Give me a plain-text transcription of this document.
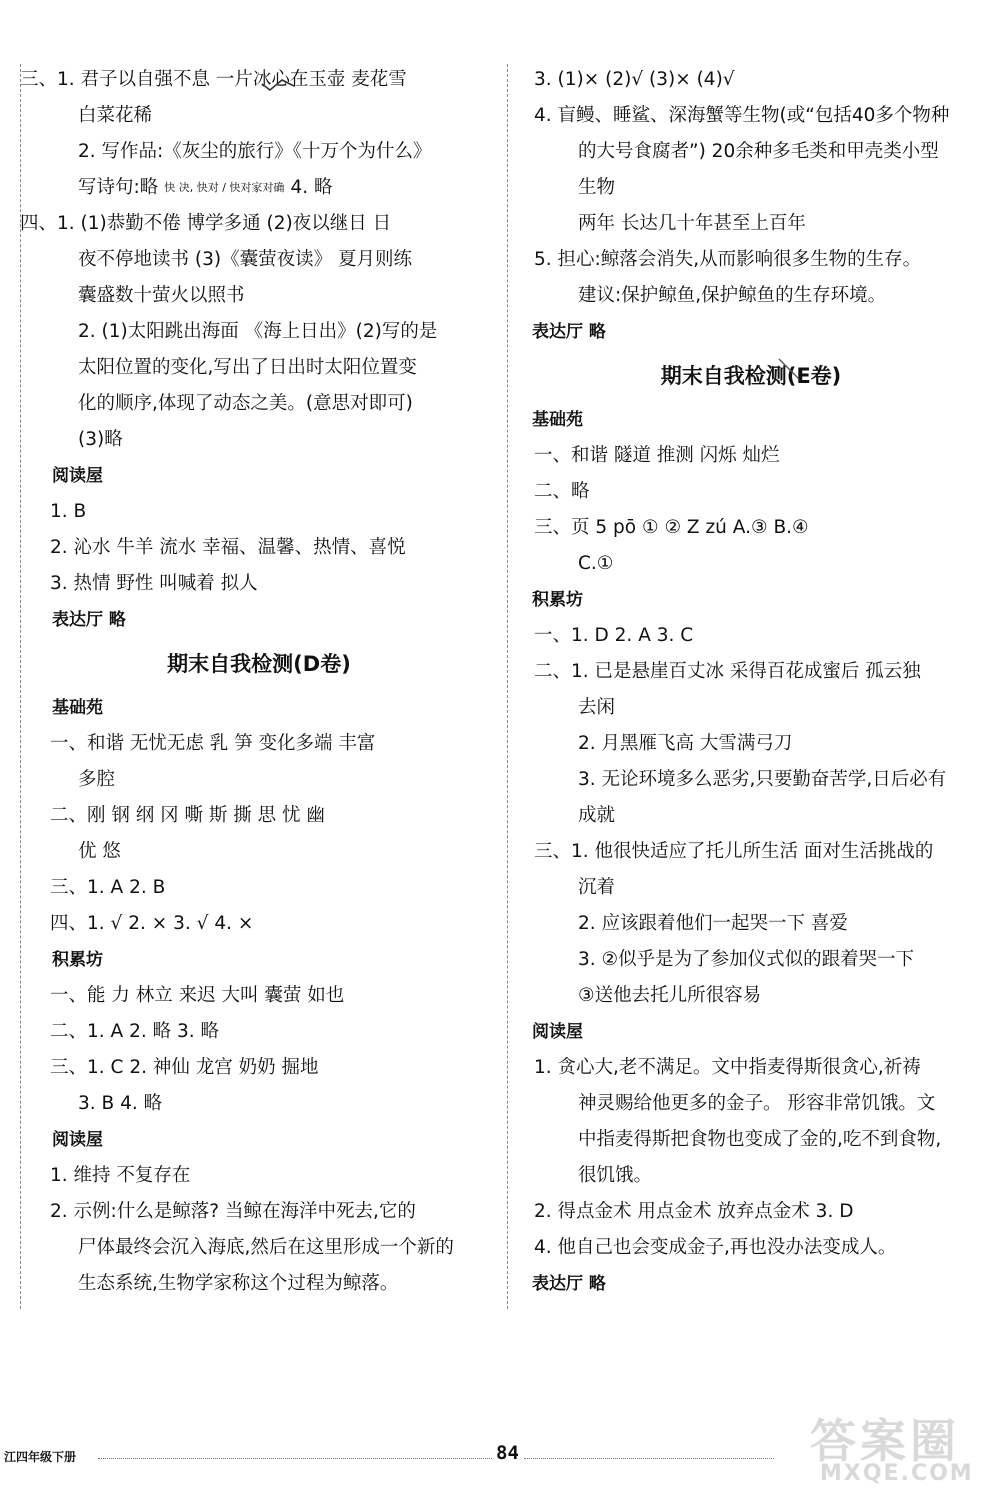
三、1. 君子以自强不息 一片冰心在玉壶 麦花雪
白菜花稀
2. 写作品:《灰尘的旅行》《十万个为什么》
写诗句:略 快 决, 快对 / 快对家对确 4. 略
四、1. (1)恭勤不倦 博学多通 (2)夜以继日 日
夜不停地读书 (3)《囊萤夜读》 夏月则练
囊盛数十萤火以照书
2. (1)太阳跳出海面 《海上日出》(2)写的是
太阳位置的变化,写出了日出时太阳位置变
化的顺序,体现了动态之美。(意思对即可)
(3)略
阅读屋
1. B
2. 沁水 牛羊 流水 幸福、温馨、热情、喜悦
3. 热情 野性 叫喊着 拟人
表达厅 略
期末自我检测(D卷)
基础苑
一、和谐 无忧无虑 乳 笋 变化多端 丰富
多腔
二、刚 钢 纲 冈 嘶 斯 撕 思 忧 幽
优 悠
三、1. A 2. B
四、1. √ 2. × 3. √ 4. ×
积累坊
一、能 力 林立 来迟 大叫 囊萤 如也
二、1. A 2. 略 3. 略
三、1. C 2. 神仙 龙宫 奶奶 掘地
3. B 4. 略
阅读屋
1. 维持 不复存在
2. 示例:什么是鲸落? 当鲸在海洋中死去,它的
尸体最终会沉入海底,然后在这里形成一个新的
生态系统,生物学家称这个过程为鲸落。
3. (1)× (2)√ (3)× (4)√
4. 盲鳗、睡鲨、深海蟹等生物(或“包括40多个物种
的大号食腐者”) 20余种多毛类和甲壳类小型
生物
两年 长达几十年甚至上百年
5. 担心:鲸落会消失,从而影响很多生物的生存。
建议:保护鲸鱼,保护鲸鱼的生存环境。
表达厅 略
期末自我检测(E卷)
基础苑
一、和谐 隧道 推测 闪烁 灿烂
二、略
三、页 5 pō ① ② Z zú A.③ B.④
C.①
积累坊
一、1. D 2. A 3. C
二、1. 已是悬崖百丈冰 采得百花成蜜后 孤云独
去闲
2. 月黑雁飞高 大雪满弓刀
3. 无论环境多么恶劣,只要勤奋苦学,日后必有
成就
三、1. 他很快适应了托儿所生活 面对生活挑战的
沉着
2. 应该跟着他们一起哭一下 喜爱
3. ②似乎是为了参加仪式似的跟着哭一下
③送他去托儿所很容易
阅读屋
1. 贪心大,老不满足。文中指麦得斯很贪心,祈祷
神灵赐给他更多的金子。 形容非常饥饿。文
中指麦得斯把食物也变成了金的,吃不到食物,
很饥饿。
2. 得点金术 用点金术 放弃点金术 3. D
4. 他自己也会变成金子,再也没办法变成人。
表达厅 略
江四年级下册	84	答案圈
MXQE.COM
